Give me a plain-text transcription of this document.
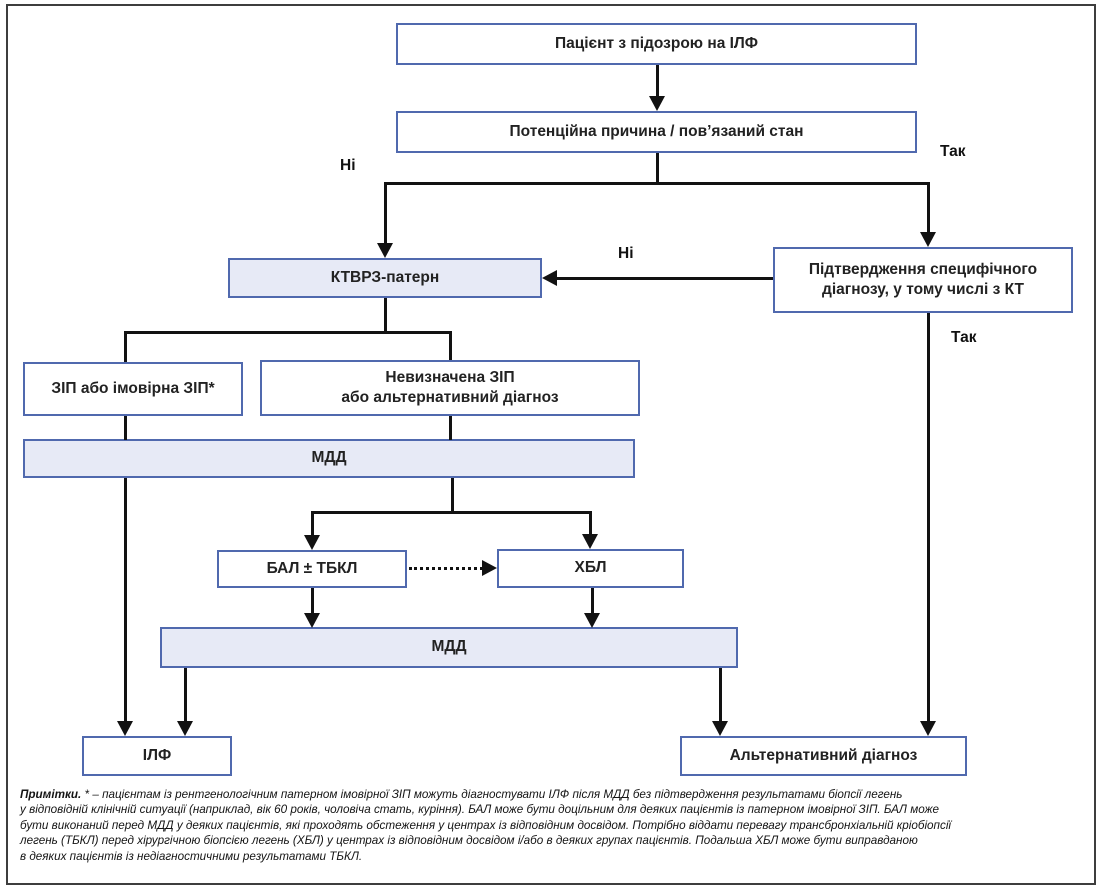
Пацієнт з підозрою на ІЛФ
Потенційна причина / пов’язаний стан
КТВРЗ-патерн	Підтвердження специфічного
діагнозу, у тому числі з КТ
ЗІП або імовірна ЗІП*
Невизначена ЗІП
або альтернативний діагноз
МДД
БАЛ ± ТБКЛ	ХБЛ
МДД
ІЛФ	Альтернативний діагноз
Ні
Так
Ні
Так
Примітки. * – пацієнтам із рентгенологічним патерном імовірної ЗІП можуть діагностувати ІЛФ після МДД без підтвердження результатами біопсії легень
у відповідній клінічній ситуації (наприклад, вік 60 років, чоловіча стать, куріння). БАЛ може бути доцільним для деяких пацієнтів із патерном імовірної ЗІП. БАЛ може
бути виконаний перед МДД у деяких пацієнтів, які проходять обстеження у центрах із відповідним досвідом. Потрібно віддати перевагу трансбронхіальній кріобіопсії
легень (ТБКЛ) перед хірургічною біопсією легень (ХБЛ) у центрах із відповідним досвідом і/або в деяких групах пацієнтів. Подальша ХБЛ може бути виправданою
в деяких пацієнтів із недіагностичними результатами ТБКЛ.
